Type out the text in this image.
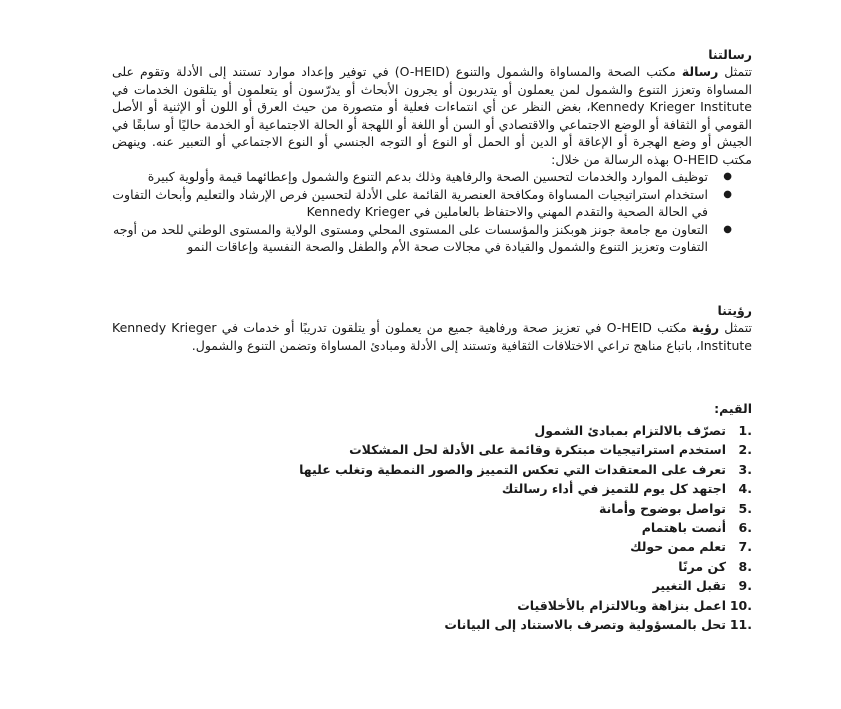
رسالتنا

تتمثل رسالة مكتب الصحة والمساواة والشمول والتنوع (O-HEID) في توفير وإعداد موارد تستند إلى الأدلة وتقوم على المساواة وتعزز التنوع والشمول لمن يعملون أو يتدربون أو يجرون الأبحاث أو يدرّسون أو يتعلمون أو يتلقون الخدمات في Kennedy Krieger Institute، بغض النظر عن أي انتماءات فعلية أو متصورة من حيث العرق أو اللون أو الإثنية أو الأصل القومي أو الثقافة أو الوضع الاجتماعي والاقتصادي أو السن أو اللغة أو اللهجة أو الحالة الاجتماعية أو الخدمة حاليًا أو سابقًا في الجيش أو وضع الهجرة أو الإعاقة أو الدين أو الحمل أو النوع أو التوجه الجنسي أو النوع الاجتماعي أو التعبير عنه. وينهض مكتب O-HEID بهذه الرسالة من خلال:

●
توظيف الموارد والخدمات لتحسين الصحة والرفاهية وذلك بدعم التنوع والشمول وإعطائهما قيمة وأولوية كبيرة
●
استخدام استراتيجيات المساواة ومكافحة العنصرية القائمة على الأدلة لتحسين فرص الإرشاد والتعليم وأبحاث التفاوت في الحالة الصحية والتقدم المهني والاحتفاظ بالعاملين في Kennedy Krieger
●
التعاون مع جامعة جونز هوبكنز والمؤسسات على المستوى المحلي ومستوى الولاية والمستوى الوطني للحد من أوجه التفاوت وتعزيز التنوع والشمول والقيادة في مجالات صحة الأم والطفل والصحة النفسية وإعاقات النمو
رؤيتنا

تتمثل رؤية مكتب O-HEID في تعزيز صحة ورفاهية جميع من يعملون أو يتلقون تدريبًا أو خدمات في Kennedy Krieger Institute، باتباع مناهج تراعي الاختلافات الثقافية وتستند إلى الأدلة ومبادئ المساواة وتضمن التنوع والشمول.

القيم:
1.
تصرّف بالالتزام بمبادئ الشمول
2.
استخدم استراتيجيات مبتكرة وقائمة على الأدلة لحل المشكلات
3.
تعرف على المعتقدات التي تعكس التمييز والصور النمطية وتغلب عليها
4.
اجتهد كل يوم للتميز في أداء رسالتك
5.
تواصل بوضوح وأمانة
6.
أنصت باهتمام
7.
تعلم ممن حولك
8.
كن مرنًا
9.
تقبل التغيير
10.
اعمل بنزاهة وبالالتزام بالأخلاقيات
11.
تحل بالمسؤولية وتصرف بالاستناد إلى البيانات
